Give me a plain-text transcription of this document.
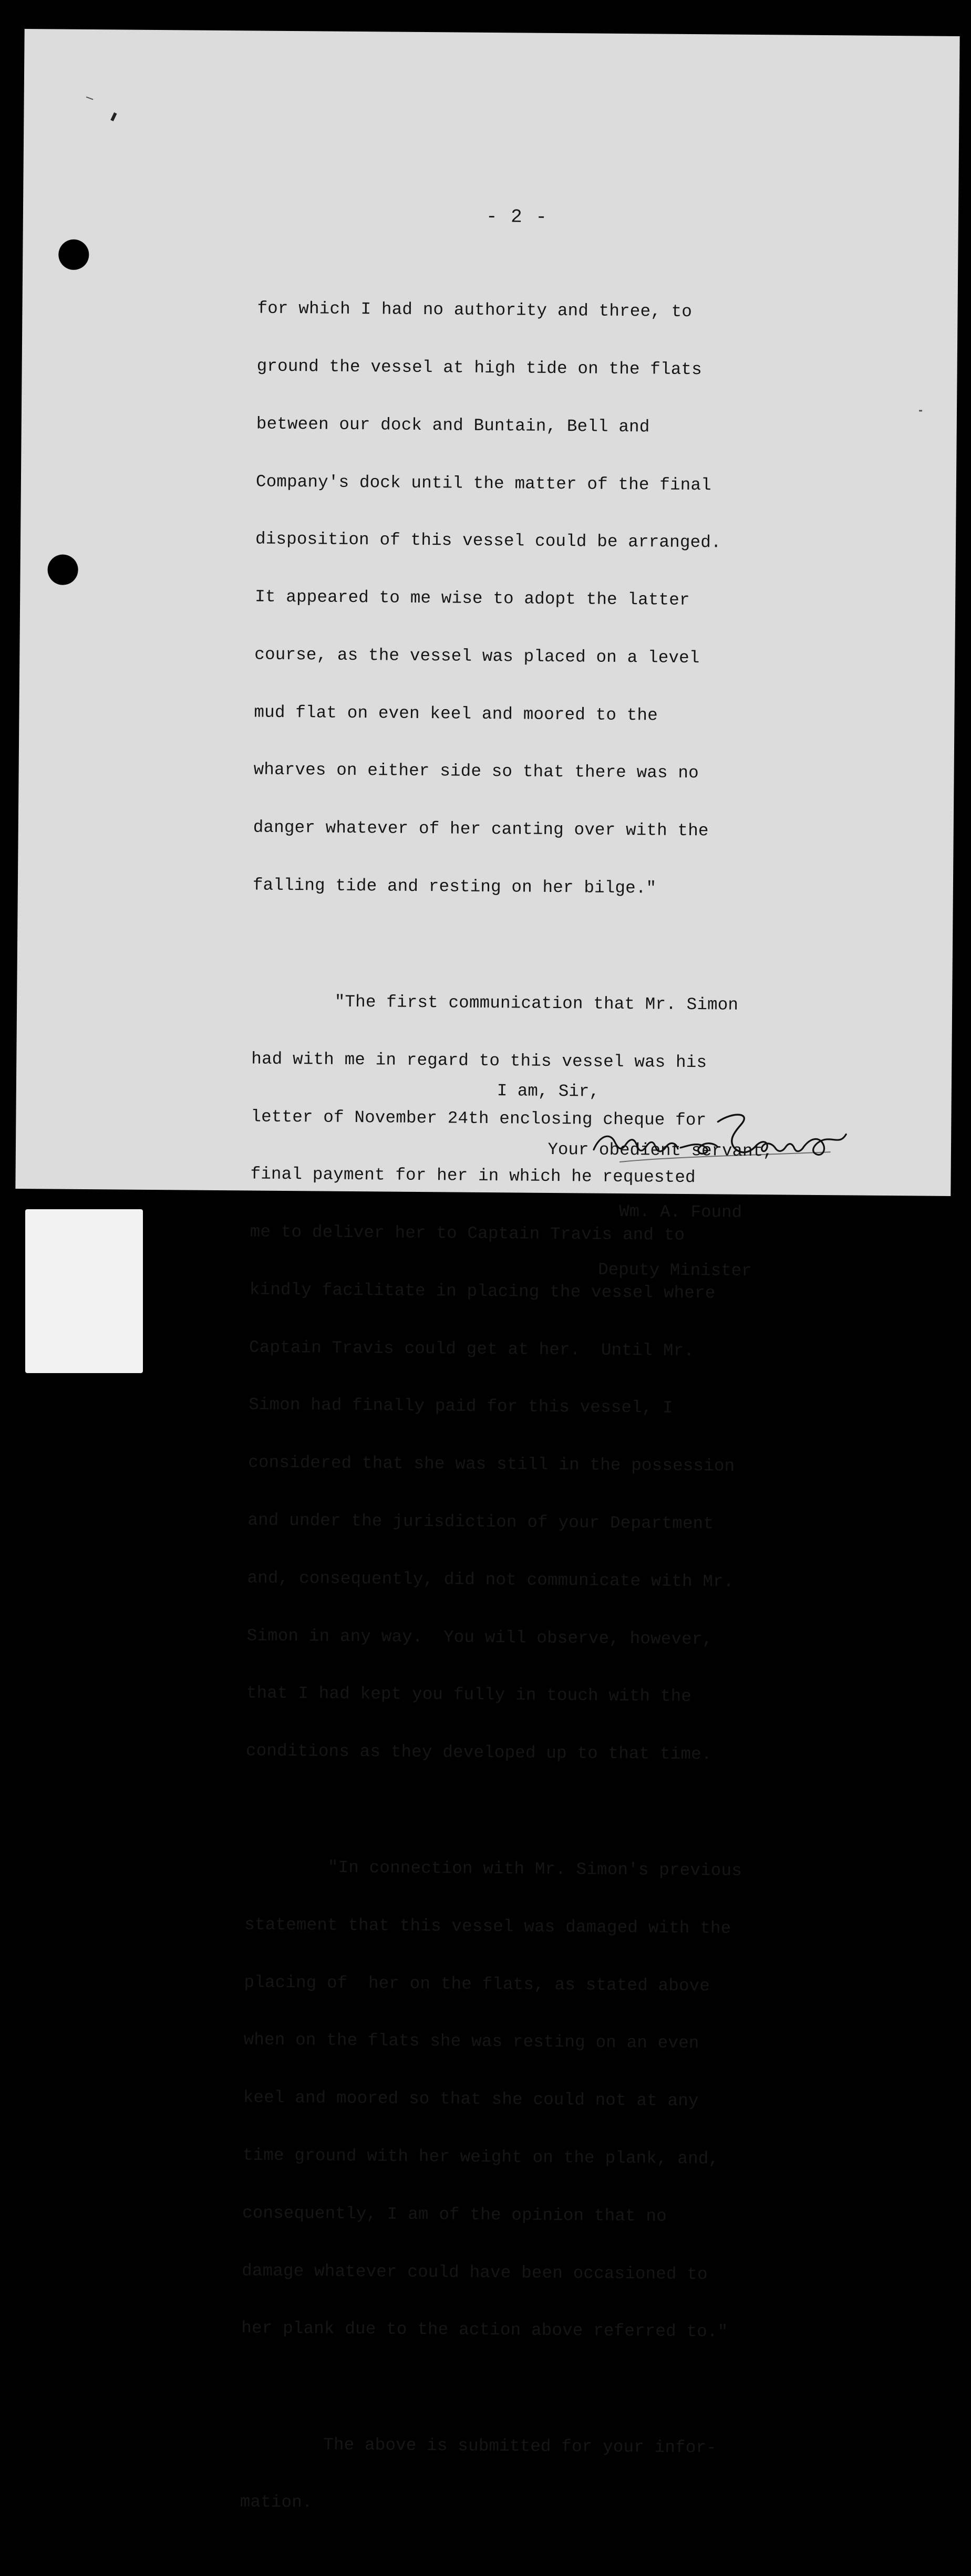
- 2 -

for which I had no authority and three, to

ground the vessel at high tide on the flats

between our dock and Buntain, Bell and

Company's dock until the matter of the final

disposition of this vessel could be arranged.

It appeared to me wise to adopt the latter

course, as the vessel was placed on a level

mud flat on even keel and moored to the

wharves on either side so that there was no

danger whatever of her canting over with the

falling tide and resting on her bilge."

"The first communication that Mr. Simon

had with me in regard to this vessel was his

letter of November 24th enclosing cheque for

final payment for her in which he requested

me to deliver her to Captain Travis and to

kindly facilitate in placing the vessel where

Captain Travis could get at her.  Until Mr.

Simon had finally paid for this vessel, I

considered that she was still in the possession

and under the jurisdiction of your Department

and, consequently, did not communicate with Mr.

Simon in any way.  You will observe, however,

that I had kept you fully in touch with the

conditions as they developed up to that time.

"In connection with Mr. Simon's previous

statement that this vessel was damaged with the

placing of  her on the flats, as stated above

when on the flats she was resting on an even

keel and moored so that she could not at any

time ground with her weight on the plank, and,

consequently, I am of the opinion that no

damage whatever could have been occasioned to

her plank due to the action above referred to."

The above is submitted for your infor-

mation.

I am, Sir,

Your obedient servant,

Wm. A. Found

Deputy Minister
